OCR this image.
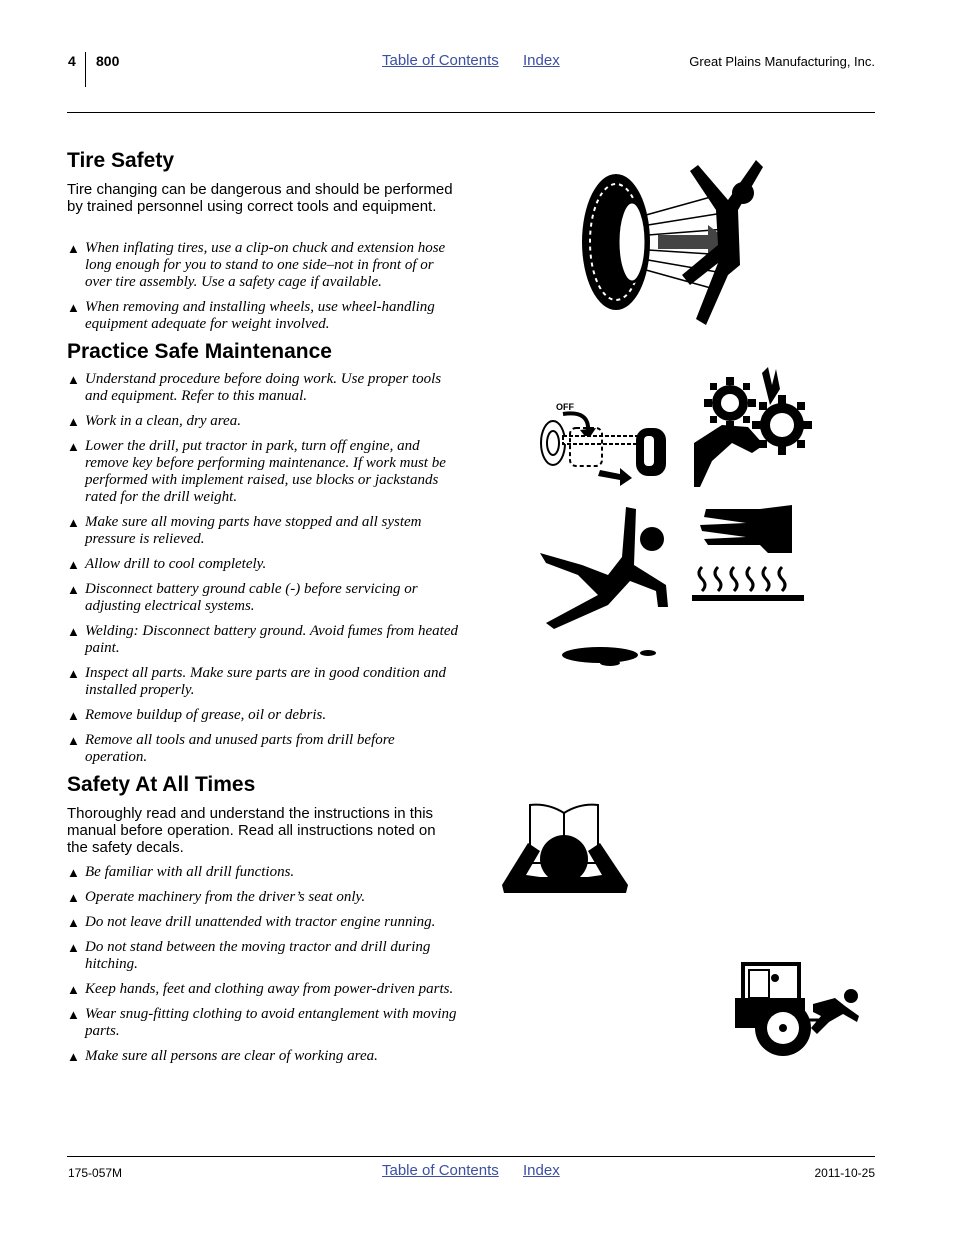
4 800	Table of Contents Index	Great Plains Manufacturing, Inc.
Tire Safety

Tire changing can be dangerous and should be performed by trained personnel using correct tools and equipment.

▲ When inflating tires, use a clip-on chuck and extension hose long enough for you to stand to one side–not in front of or over tire assembly. Use a safety cage if available.
▲ When removing and installing wheels, use wheel-handling equipment adequate for weight involved.
Practice Safe Maintenance
▲ Understand procedure before doing work. Use proper tools and equipment. Refer to this manual.
▲ Work in a clean, dry area.
▲ Lower the drill, put tractor in park, turn off engine, and remove key before performing maintenance. If work must be performed with implement raised, use blocks or jackstands rated for the drill weight.
▲ Make sure all moving parts have stopped and all system pressure is relieved.
▲ Allow drill to cool completely.
▲ Disconnect battery ground cable (-) before servicing or adjusting electrical systems.
▲ Welding: Disconnect battery ground. Avoid fumes from heated paint.
▲ Inspect all parts. Make sure parts are in good condition and installed properly.
▲ Remove buildup of grease, oil or debris.
▲ Remove all tools and unused parts from drill before operation.
Safety At All Times

Thoroughly read and understand the instructions in this manual before operation. Read all instructions noted on the safety decals.

▲ Be familiar with all drill functions.
▲ Operate machinery from the driver’s seat only.
▲ Do not leave drill unattended with tractor engine running.
▲ Do not stand between the moving tractor and drill during hitching.
▲ Keep hands, feet and clothing away from power-driven parts.
▲ Wear snug-fitting clothing to avoid entanglement with moving parts.
▲ Make sure all persons are clear of working area.
OFF
175-057M	Table of Contents Index	2011-10-25
